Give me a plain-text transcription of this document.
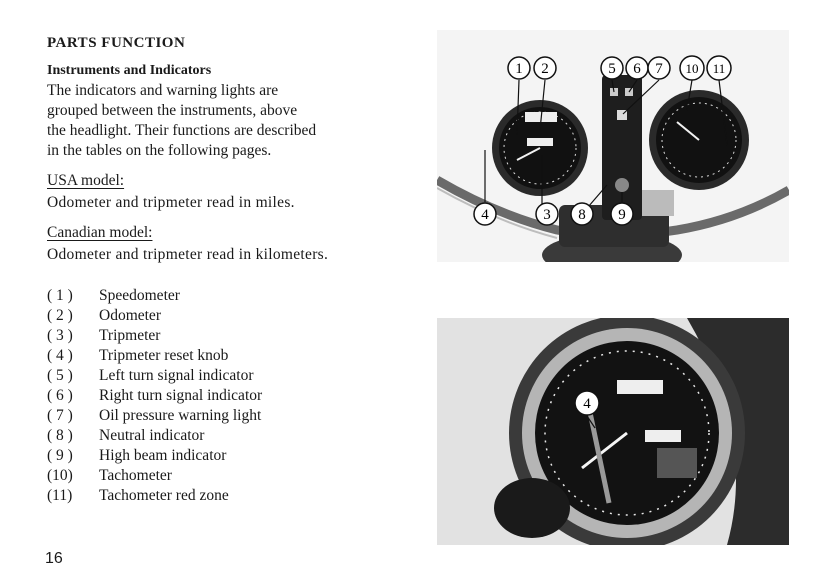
PARTS FUNCTION
Instruments and Indicators
The indicators and warning lights are
grouped between the instruments, above
the headlight. Their functions are described
in the tables on the following pages.
USA model:
Odometer and tripmeter read in miles.
Canadian model:
Odometer and tripmeter read in kilometers.
( 1 )	Speedometer
( 2 )	Odometer
( 3 )	Tripmeter
( 4 )	Tripmeter reset knob
( 5 )	Left turn signal indicator
( 6 )	Right turn signal indicator
( 7 )	Oil pressure warning light
( 8 )	Neutral indicator
( 9 )	High beam indicator
(10)	Tachometer
(11)	Tachometer red zone
16
1 2	5 6 7 10 11
4	3 8 9
4
